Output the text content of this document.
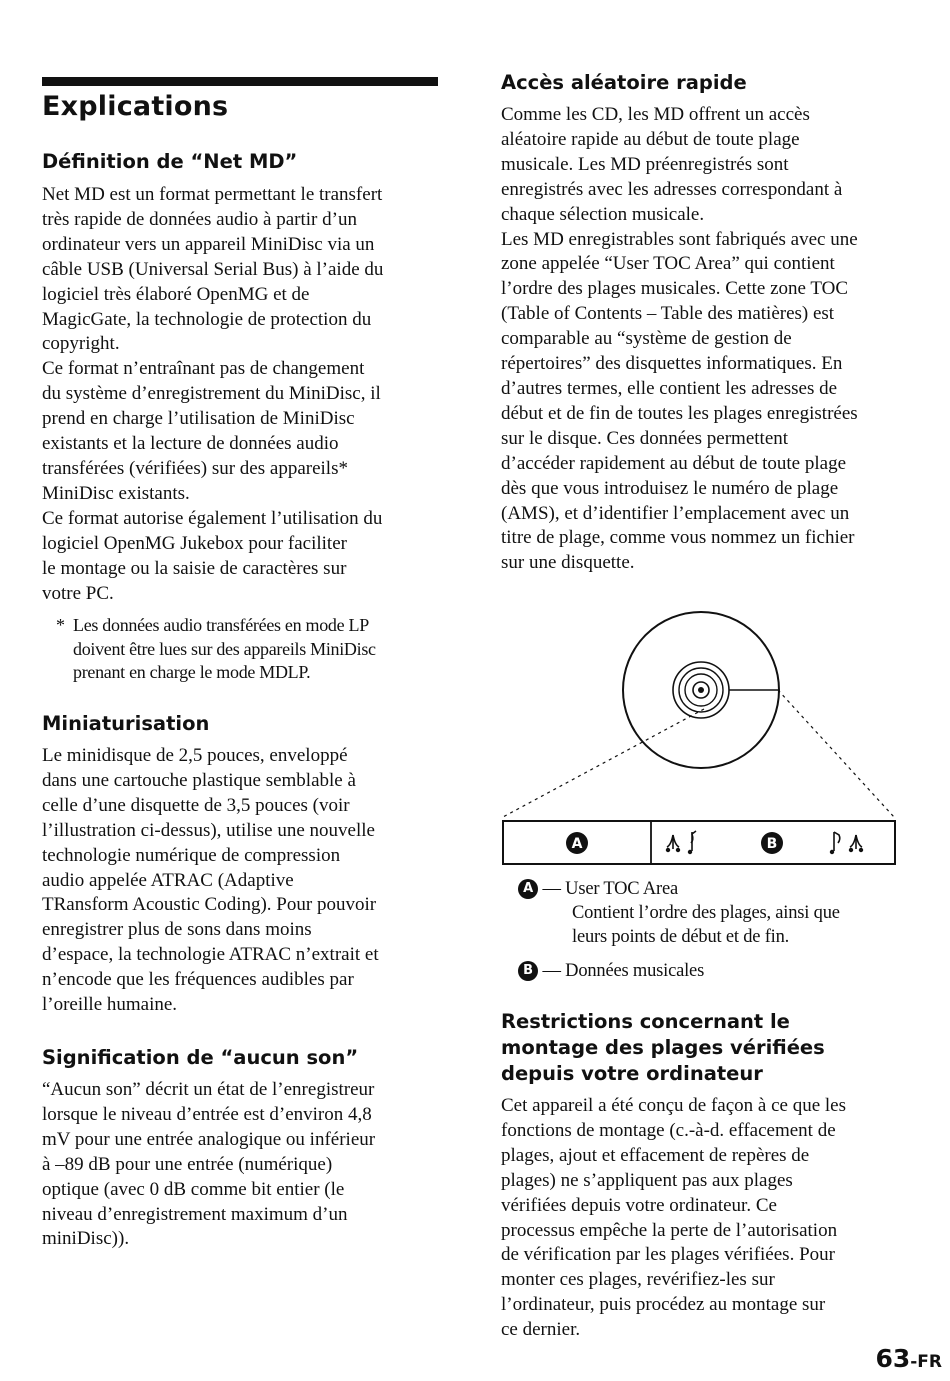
Explications
Définition de “Net MD”
Net MD est un format permettant le transfert
très rapide de données audio à partir d’un
ordinateur vers un appareil MiniDisc via un
câble USB (Universal Serial Bus) à l’aide du
logiciel très élaboré OpenMG et de
MagicGate, la technologie de protection du
copyright.
Ce format n’entraînant pas de changement
du système d’enregistrement du MiniDisc, il
prend en charge l’utilisation de MiniDisc
existants et la lecture de données audio
transférées (vérifiées) sur des appareils*
MiniDisc existants.
Ce format autorise également l’utilisation du
logiciel OpenMG Jukebox pour faciliter
le montage ou la saisie de caractères sur
votre PC.
* Les données audio transférées en mode LP
doivent être lues sur des appareils MiniDisc
prenant en charge le mode MDLP.
Miniaturisation
Le minidisque de 2,5 pouces, enveloppé
dans une cartouche plastique semblable à
celle d’une disquette de 3,5 pouces (voir
l’illustration ci-dessus), utilise une nouvelle
technologie numérique de compression
audio appelée ATRAC (Adaptive
TRansform Acoustic Coding). Pour pouvoir
enregistrer plus de sons dans moins
d’espace, la technologie ATRAC n’extrait et
n’encode que les fréquences audibles par
l’oreille humaine.
Signification de “aucun son”
“Aucun son” décrit un état de l’enregistreur
lorsque le niveau d’entrée est d’environ 4,8
mV pour une entrée analogique ou inférieur
à –89 dB pour une entrée (numérique)
optique (avec 0 dB comme bit entier (le
niveau d’enregistrement maximum d’un
miniDisc)).
Accès aléatoire rapide
Comme les CD, les MD offrent un accès
aléatoire rapide au début de toute plage
musicale. Les MD préenregistrés sont
enregistrés avec les adresses correspondant à
chaque sélection musicale.
Les MD enregistrables sont fabriqués avec une
zone appelée “User TOC Area” qui contient
l’ordre des plages musicales. Cette zone TOC
(Table of Contents – Table des matières) est
comparable au “système de gestion de
répertoires” des disquettes informatiques. En
d’autres termes, elle contient les adresses de
début et de fin de toutes les plages enregistrées
sur le disque. Ces données permettent
d’accéder rapidement au début de toute plage
dès que vous introduisez le numéro de plage
(AMS), et d’identifier l’emplacement avec un
titre de plage, comme vous nommez un fichier
sur une disquette.
A	B
A — User TOC Area
Contient l’ordre des plages, ainsi que
leurs points de début et de fin.
B — Données musicales
Restrictions concernant le
montage des plages vérifiées
depuis votre ordinateur
Cet appareil a été conçu de façon à ce que les
fonctions de montage (c.-à-d. effacement de
plages, ajout et effacement de repères de
plages) ne s’appliquent pas aux plages
vérifiées depuis votre ordinateur. Ce
processus empêche la perte de l’autorisation
de vérification par les plages vérifiées. Pour
monter ces plages, revérifiez-les sur
l’ordinateur, puis procédez au montage sur
ce dernier.
63-FR
